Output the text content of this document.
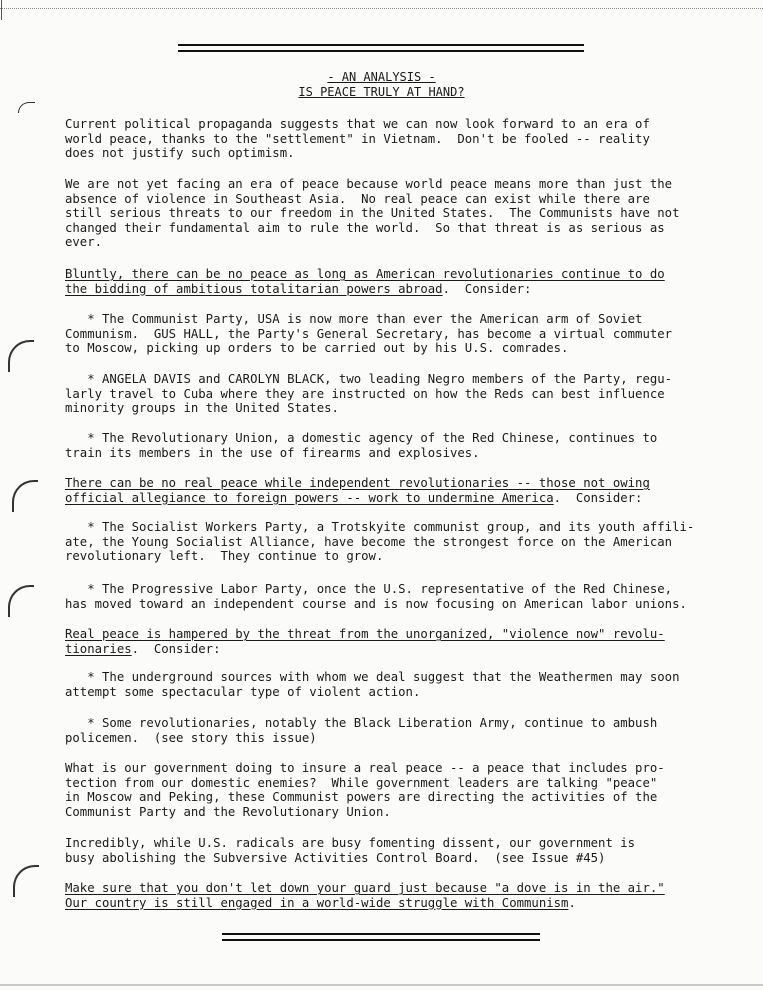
- AN ANALYSIS -
IS PEACE TRULY AT HAND?

Current political propaganda suggests that we can now look forward to an era of
world peace, thanks to the "settlement" in Vietnam.  Don't be fooled -- reality
does not justify such optimism.

We are not yet facing an era of peace because world peace means more than just the
absence of violence in Southeast Asia.  No real peace can exist while there are
still serious threats to our freedom in the United States.  The Communists have not
changed their fundamental aim to rule the world.  So that threat is as serious as
ever.

Bluntly, there can be no peace as long as American revolutionaries continue to do
the bidding of ambitious totalitarian powers abroad.  Consider:

* The Communist Party, USA is now more than ever the American arm of Soviet
Communism.  GUS HALL, the Party's General Secretary, has become a virtual commuter
to Moscow, picking up orders to be carried out by his U.S. comrades.

* ANGELA DAVIS and CAROLYN BLACK, two leading Negro members of the Party, regu-
larly travel to Cuba where they are instructed on how the Reds can best influence
minority groups in the United States.

* The Revolutionary Union, a domestic agency of the Red Chinese, continues to
train its members in the use of firearms and explosives.

There can be no real peace while independent revolutionaries -- those not owing
official allegiance to foreign powers -- work to undermine America.  Consider:

* The Socialist Workers Party, a Trotskyite communist group, and its youth affili-
ate, the Young Socialist Alliance, have become the strongest force on the American
revolutionary left.  They continue to grow.

* The Progressive Labor Party, once the U.S. representative of the Red Chinese,
has moved toward an independent course and is now focusing on American labor unions.

Real peace is hampered by the threat from the unorganized, "violence now" revolu-
tionaries.  Consider:

* The underground sources with whom we deal suggest that the Weathermen may soon
attempt some spectacular type of violent action.

* Some revolutionaries, notably the Black Liberation Army, continue to ambush
policemen.  (see story this issue)

What is our government doing to insure a real peace -- a peace that includes pro-
tection from our domestic enemies?  While government leaders are talking "peace"
in Moscow and Peking, these Communist powers are directing the activities of the
Communist Party and the Revolutionary Union.

Incredibly, while U.S. radicals are busy fomenting dissent, our government is
busy abolishing the Subversive Activities Control Board.  (see Issue #45)

Make sure that you don't let down your guard just because "a dove is in the air."
Our country is still engaged in a world-wide struggle with Communism.
